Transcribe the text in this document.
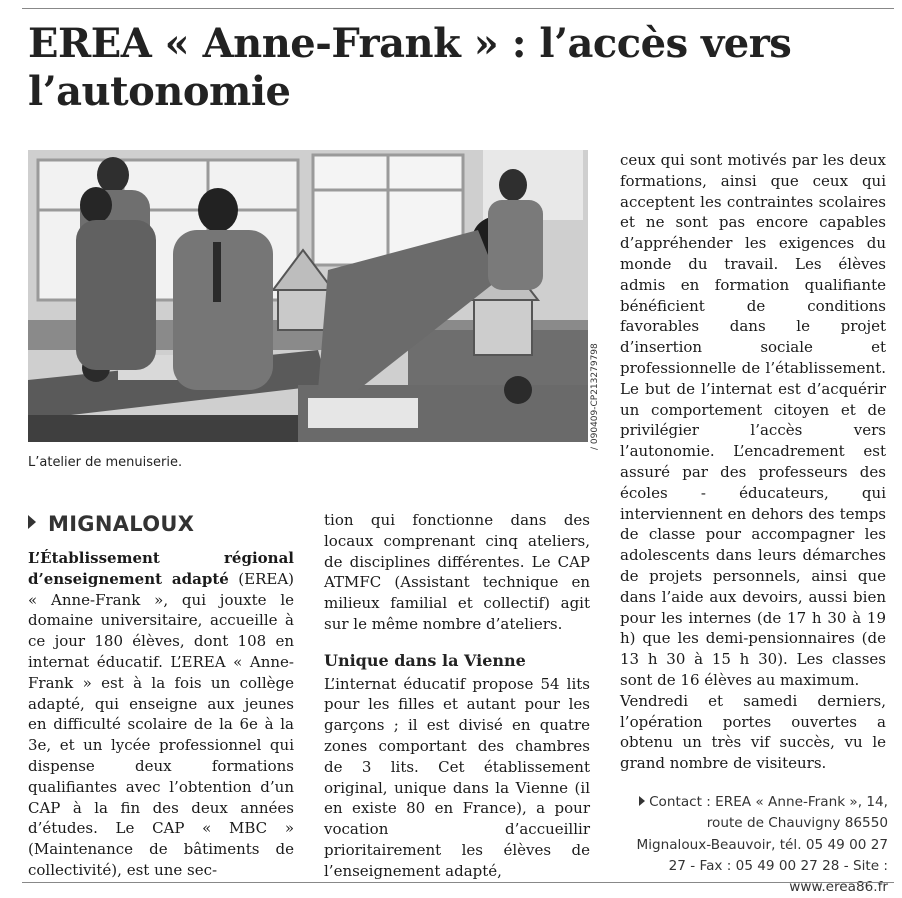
EREA « Anne-Frank » : l’accès vers l’autonomie
/ 090409-CP213279798
L’atelier de menuiserie.
MIGNALOUX

L’Établissement régional d’enseignement adapté (EREA) « Anne-Frank », qui jouxte le domaine universitaire, accueille à ce jour 180 élèves, dont 108 en internat éducatif. L’EREA « Anne-Frank » est à la fois un collège adapté, qui enseigne aux jeunes en difficulté scolaire de la 6e à la 3e, et un lycée professionnel qui dispense deux formations qualifiantes avec l’obtention d’un CAP à la fin des deux années d’études. Le CAP « MBC » (Maintenance de bâtiments de collectivité), est une sec-

tion qui fonctionne dans des locaux comprenant cinq ateliers, de disciplines différentes. Le CAP ATMFC (Assistant technique en milieux familial et collectif) agit sur le même nombre d’ateliers.

Unique dans la Vienne

L’internat éducatif propose 54 lits pour les filles et autant pour les garçons ; il est divisé en quatre zones comportant des chambres de 3 lits. Cet établissement original, unique dans la Vienne (il en existe 80 en France), a pour vocation d’accueillir prioritairement les élèves de l’enseignement adapté,

ceux qui sont motivés par les deux formations, ainsi que ceux qui acceptent les contraintes scolaires et ne sont pas encore capables d’appréhender les exigences du monde du travail. Les élèves admis en formation qualifiante bénéficient de conditions favorables dans le projet d’insertion sociale et professionnelle de l’établissement. Le but de l’internat est d’acquérir un comportement citoyen et de privilégier l’accès vers l’autonomie. L’encadrement est assuré par des professeurs des écoles - éducateurs, qui interviennent en dehors des temps de classe pour accompagner les adolescents dans leurs démarches de projets personnels, ainsi que dans l’aide aux devoirs, aussi bien pour les internes (de 17 h 30 à 19 h) que les demi-pensionnaires (de 13 h 30 à 15 h 30). Les classes sont de 16 élèves au maximum.

Vendredi et samedi derniers, l’opération portes ouvertes a obtenu un très vif succès, vu le grand nombre de visiteurs.

Contact : EREA « Anne-Frank », 14, route de Chauvigny 86550 Mignaloux-Beauvoir, tél. 05 49 00 27 27 - Fax : 05 49 00 27 28 - Site : www.erea86.fr
